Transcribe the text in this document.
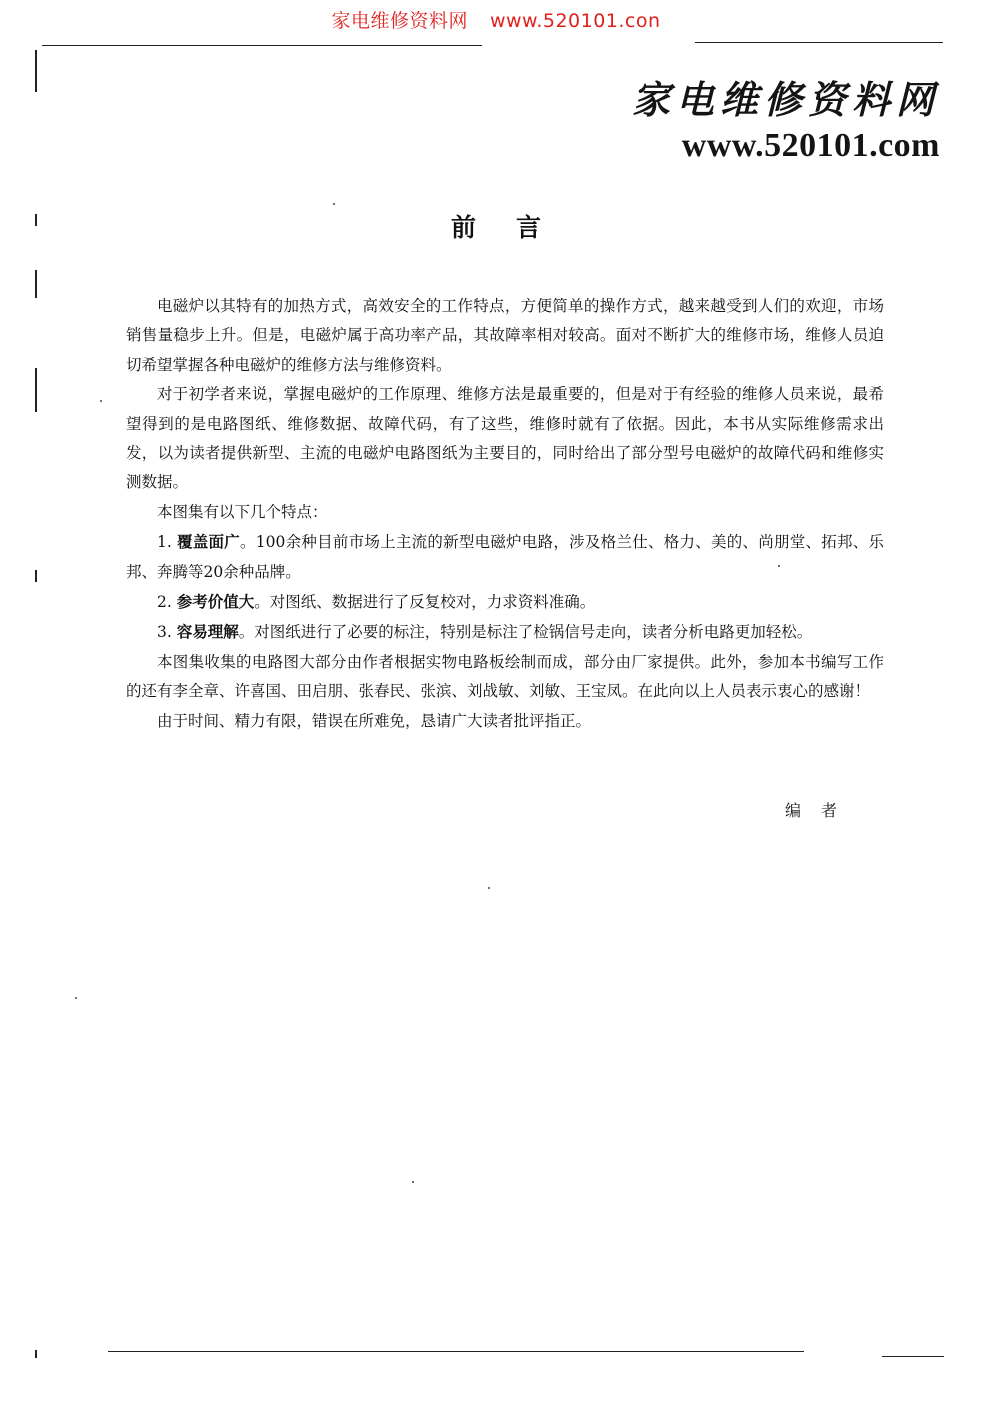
家电维修资料网 www.520101.con
家电维修资料网
www.520101.com
前言

电磁炉以其特有的加热方式，高效安全的工作特点，方便简单的操作方式，越来越受到人们的欢迎，市场销售量稳步上升。但是，电磁炉属于高功率产品，其故障率相对较高。面对不断扩大的维修市场，维修人员迫切希望掌握各种电磁炉的维修方法与维修资料。

对于初学者来说，掌握电磁炉的工作原理、维修方法是最重要的，但是对于有经验的维修人员来说，最希望得到的是电路图纸、维修数据、故障代码，有了这些，维修时就有了依据。因此，本书从实际维修需求出发，以为读者提供新型、主流的电磁炉电路图纸为主要目的，同时给出了部分型号电磁炉的故障代码和维修实测数据。

本图集有以下几个特点：

1. 覆盖面广。100余种目前市场上主流的新型电磁炉电路，涉及格兰仕、格力、美的、尚朋堂、拓邦、乐邦、奔腾等20余种品牌。

2. 参考价值大。对图纸、数据进行了反复校对，力求资料准确。

3. 容易理解。对图纸进行了必要的标注，特别是标注了检锅信号走向，读者分析电路更加轻松。

本图集收集的电路图大部分由作者根据实物电路板绘制而成，部分由厂家提供。此外，参加本书编写工作的还有李全章、许喜国、田启朋、张春民、张滨、刘战敏、刘敏、王宝凤。在此向以上人员表示衷心的感谢！

由于时间、精力有限，错误在所难免，恳请广大读者批评指正。

编者
